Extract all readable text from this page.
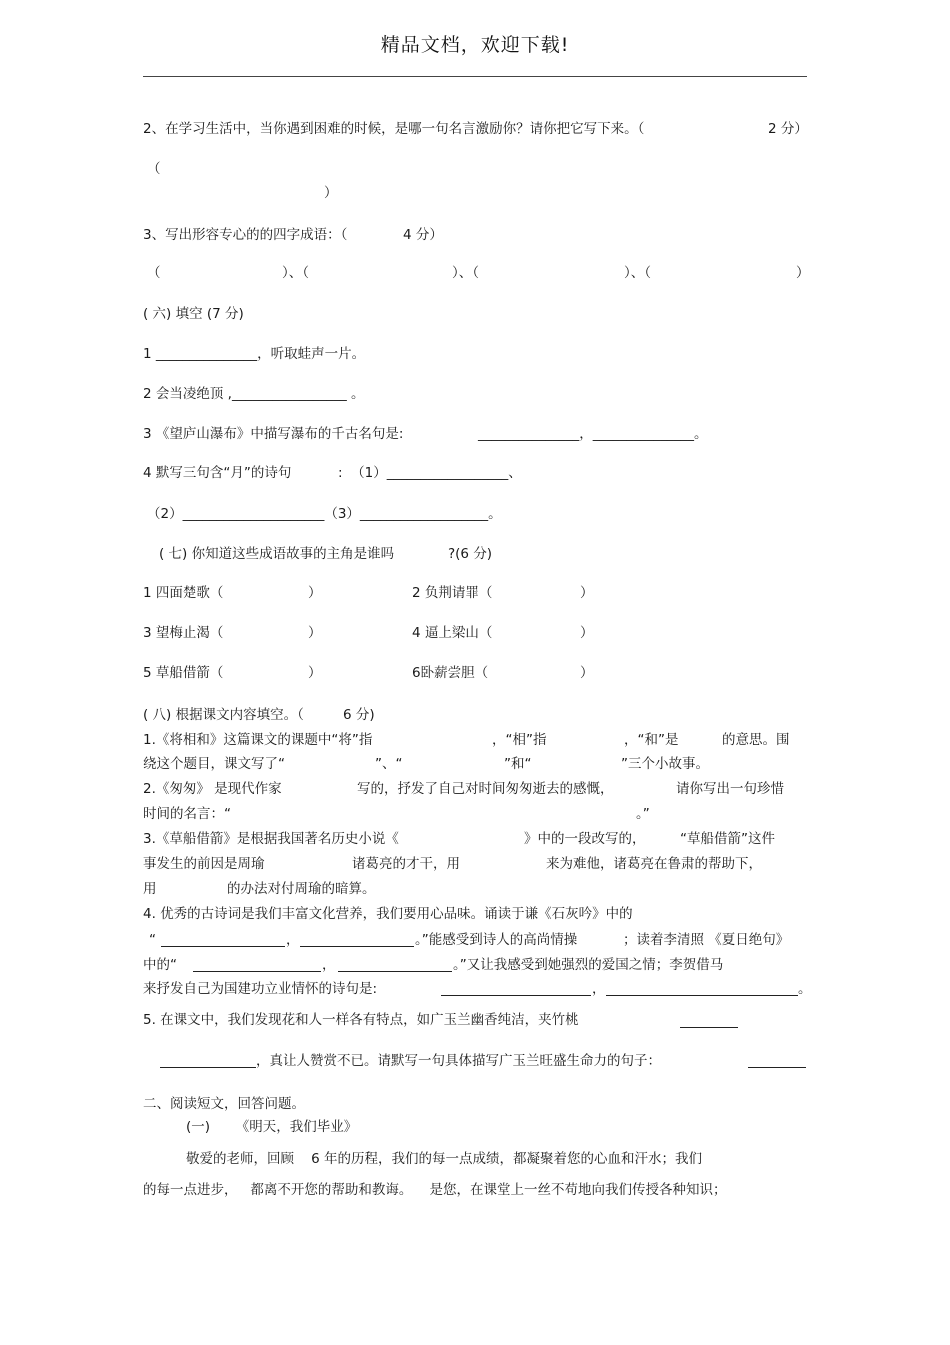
精品文档，欢迎下载!
2、在学习生活中，当你遇到困难的时候，是哪一句名言激励你？请你把它写下来。（	2 分）
（
）
3、写出形容专心的的四字成语：（	4 分）
（	）、（	）、（	）、（	）
( 六) 填空 (7 分)
1 _______________，听取蛙声一片。
2 会当凌绝顶 ,_________________ 。
3 《望庐山瀑布》中描写瀑布的千古名句是:	_______________，_______________。
4 默写三句含“月”的诗句	:  （1）__________________、
（2）_____________________（3）___________________。
( 七) 你知道这些成语故事的主角是谁吗	?(6 分)
1 四面楚歌（	）	2 负荆请罪（	）
3 望梅止渴（	）	4 逼上梁山（	）
5 草船借箭（	）	6卧薪尝胆（	）
( 八) 根据课文内容填空。（	6 分)
1.《将相和》这篇课文的课题中“将”指	，“相”指	，“和”是	的意思。围
绕这个题目，课文写了“	”、“	”和“	”三个小故事。
2.《匆匆》 是现代作家	写的，抒发了自己对时间匆匆逝去的感慨，	请你写出一句珍惜
时间的名言：“	。”
3.《草船借箭》是根据我国著名历史小说《	》中的一段改写的，	“草船借箭”这件
事发生的前因是周瑜	诸葛亮的才干，用	来为难他，诸葛亮在鲁肃的帮助下，
用	的办法对付周瑜的暗算。
4. 优秀的古诗词是我们丰富文化营养，我们要用心品味。诵读于谦《石灰吟》中的
“	，	。”能感受到诗人的高尚情操	；读着李清照 《夏日绝句》
中的“	，	。”又让我感受到她强烈的爱国之情；李贺借马
来抒发自己为国建功立业情怀的诗句是:	，	。
5. 在课文中，我们发现花和人一样各有特点，如广玉兰幽香纯洁，夹竹桃
，真让人赞赏不已。请默写一句具体描写广玉兰旺盛生命力的句子：
二、阅读短文，回答问题。
(一)      《明天，我们毕业》
敬爱的老师，回顾    6 年的历程，我们的每一点成绩，都凝聚着您的心血和汗水；我们
的每一点进步，   都离不开您的帮助和教诲。    是您，在课堂上一丝不苟地向我们传授各种知识；
